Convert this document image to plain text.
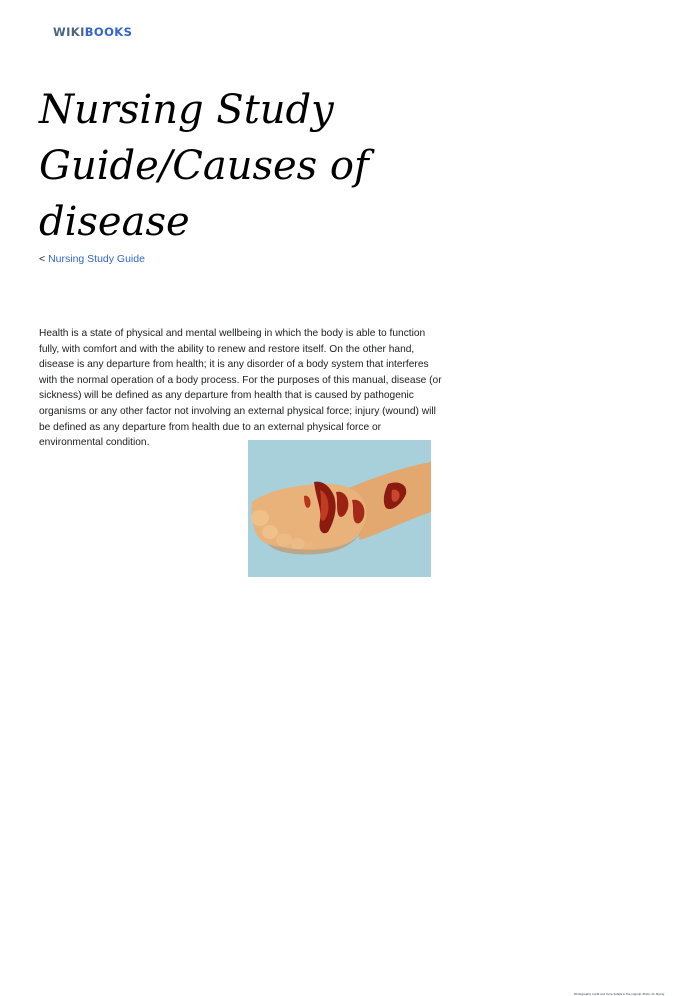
WIKIBOOKS
Nursing Study Guide/Causes of disease
< Nursing Study Guide

Health is a state of physical and mental wellbeing in which the body is able to function fully, with comfort and with the ability to renew and restore itself. On the other hand, disease is any departure from health; it is any disorder of a body system that interferes with the normal operation of a body process. For the purposes of this manual, disease (or sickness) will be defined as any departure from health that is caused by pathogenic organisms or any other factor not involving an external physical force; injury (wound) will be defined as any departure from health due to an external physical force or environmental condition.

Photographic credit and more details in the original; Photo: Dr. Bundy
